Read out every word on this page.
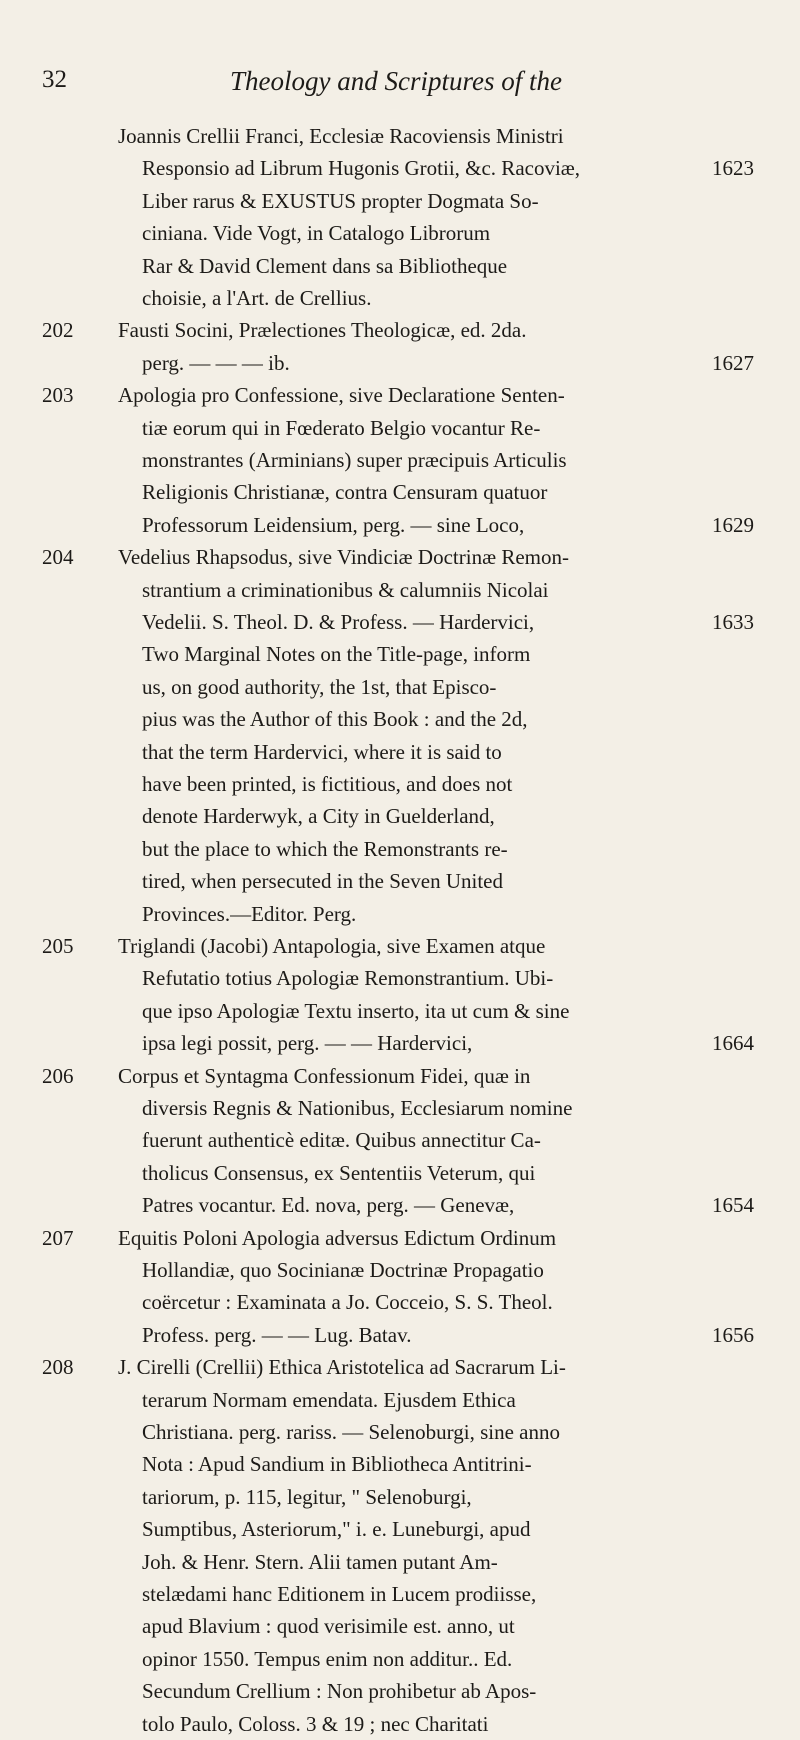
32	Theology and Scriptures of the
Joannis Crellii Franci, Ecclesiæ Racoviensis Ministri
Responsio ad Librum Hugonis Grotii, &c. Racoviæ,	1623
Liber rarus & EXUSTUS propter Dogmata So-
ciniana. Vide Vogt, in Catalogo Librorum
Rar & David Clement dans sa Bibliotheque
choisie, a l'Art. de Crellius.
202 Fausti Socini, Prælectiones Theologicæ, ed. 2da.
perg. — — — ib.	1627
203 Apologia pro Confessione, sive Declaratione Senten-
tiæ eorum qui in Fœderato Belgio vocantur Re-
monstrantes (Arminians) super præcipuis Articulis
Religionis Christianæ, contra Censuram quatuor
Professorum Leidensium, perg. — sine Loco,	1629
204 Vedelius Rhapsodus, sive Vindiciæ Doctrinæ Remon-
strantium a criminationibus & calumniis Nicolai
Vedelii. S. Theol. D. & Profess. — Hardervici,	1633
Two Marginal Notes on the Title-page, inform
us, on good authority, the 1st, that Episco-
pius was the Author of this Book : and the 2d,
that the term Hardervici, where it is said to
have been printed, is fictitious, and does not
denote Harderwyk, a City in Guelderland,
but the place to which the Remonstrants re-
tired, when persecuted in the Seven United
Provinces.—Editor. Perg.
205 Triglandi (Jacobi) Antapologia, sive Examen atque
Refutatio totius Apologiæ Remonstrantium. Ubi-
que ipso Apologiæ Textu inserto, ita ut cum & sine
ipsa legi possit, perg. — — Hardervici,	1664
206 Corpus et Syntagma Confessionum Fidei, quæ in
diversis Regnis & Nationibus, Ecclesiarum nomine
fuerunt authenticè editæ. Quibus annectitur Ca-
tholicus Consensus, ex Sententiis Veterum, qui
Patres vocantur. Ed. nova, perg. — Genevæ,	1654
207 Equitis Poloni Apologia adversus Edictum Ordinum
Hollandiæ, quo Socinianæ Doctrinæ Propagatio
coërcetur : Examinata a Jo. Cocceio, S. S. Theol.
Profess. perg. — — Lug. Batav.	1656
208 J. Cirelli (Crellii) Ethica Aristotelica ad Sacrarum Li-
terarum Normam emendata. Ejusdem Ethica
Christiana. perg. rariss. — Selenoburgi, sine anno
Nota : Apud Sandium in Bibliotheca Antitrini-
tariorum, p. 115, legitur, " Selenoburgi,
Sumptibus, Asteriorum," i. e. Luneburgi, apud
Joh. & Henr. Stern. Alii tamen putant Am-
stelædami hanc Editionem in Lucem prodiisse,
apud Blavium : quod verisimile est. anno, ut
opinor 1550. Tempus enim non additur.. Ed.
Secundum Crellium : Non prohibetur ab Apos-
tolo Paulo, Coloss. 3 & 19 ; nec Charitati
